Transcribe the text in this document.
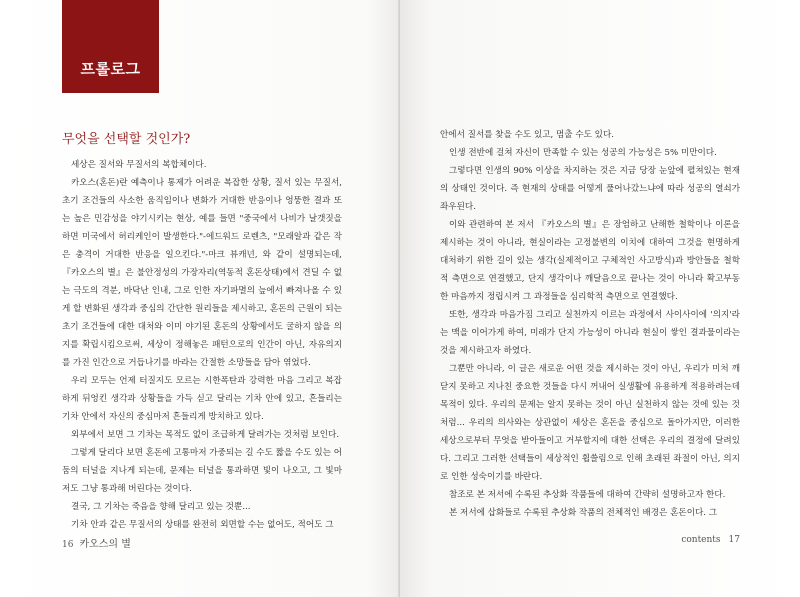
프롤로그
무엇을 선택할 것인가?

세상은 질서와 무질서의 복합체이다.

카오스(혼돈)란 예측이나 통제가 어려운 복잡한 상황, 질서 있는 무질서, 초기 조건들의 사소한 움직임이나 변화가 거대한 반응이나 엉뚱한 결과 또는 높은 민감성을 야기시키는 현상, 예를 들면 "중국에서 나비가 날갯짓을 하면 미국에서 허리케인이 발생한다."-에드워드 로렌츠, "모래알과 같은 작은 충격이 거대한 반응을 일으킨다."-마크 뷰캐넌, 와 같이 설명되는데, 『카오스의 별』은 불안정성의 가장자리(역동적 혼돈상태)에서 견딜 수 없는 극도의 격분, 바닥난 인내, 그로 인한 자기파멸의 늪에서 빠져나올 수 있게 할 변화된 생각과 중심의 간단한 원리들을 제시하고, 혼돈의 근원이 되는 초기 조건들에 대한 대처와 이미 야기된 혼돈의 상황에서도 굴하지 않을 의지를 확립시킴으로써, 세상이 정해놓은 패턴으로의 인간이 아닌, 자유의지를 가진 인간으로 거듭나기를 바라는 간절한 소망들을 담아 엮었다.

우리 모두는 언제 터질지도 모르는 시한폭탄과 강력한 마음 그리고 복잡하게 뒤엉킨 생각과 상황들을 가득 싣고 달리는 기차 안에 있고, 흔들리는 기차 안에서 자신의 중심마저 흔들리게 방치하고 있다.

외부에서 보면 그 기차는 목적도 없이 조급하게 달려가는 것처럼 보인다.

그렇게 달리다 보면 혼돈에 고통마저 가중되는 길 수도 짧을 수도 있는 어둠의 터널을 지나게 되는데, 문제는 터널을 통과하면 빛이 나오고, 그 빛마저도 그냥 통과해 버린다는 것이다.

결국, 그 기차는 죽음을 향해 달리고 있는 것뿐...

기차 안과 같은 무질서의 상태를 완전히 외면할 수는 없어도, 적어도 그

16 카오스의 별

안에서 질서를 찾을 수도 있고, 멈출 수도 있다.

인생 전반에 걸쳐 자신이 만족할 수 있는 성공의 가능성은 5% 미만이다.

그렇다면 인생의 90% 이상을 차지하는 것은 지금 당장 눈앞에 펼쳐있는 현재의 상태인 것이다. 즉 현재의 상태를 어떻게 풀어나갔느냐에 따라 성공의 열쇠가 좌우된다.

이와 관련하여 본 저서 『카오스의 별』은 장엄하고 난해한 철학이나 이론을 제시하는 것이 아니라, 현실이라는 고정불변의 이치에 대하여 그것을 현명하게 대처하기 위한 길이 있는 생각(실제적이고 구체적인 사고방식)과 방안들을 철학적 측면으로 연결했고, 단지 생각이나 깨달음으로 끝나는 것이 아니라 확고부동한 마음까지 정립시켜 그 과정들을 심리학적 측면으로 연결했다.

또한, 생각과 마음가짐 그리고 실천까지 이르는 과정에서 사이사이에 '의지'라는 맥을 이어가게 하여, 미래가 단지 가능성이 아니라 현실이 쌓인 결과물이라는 것을 제시하고자 하였다.

그뿐만 아니라, 이 글은 새로운 어떤 것을 제시하는 것이 아닌, 우리가 미처 깨닫지 못하고 지나친 중요한 것들을 다시 꺼내어 실생활에 유용하게 적용하려는데 목적이 있다. 우리의 문제는 알지 못하는 것이 아닌 실천하지 않는 것에 있는 것처럼... 우리의 의사와는 상관없이 세상은 혼돈을 중심으로 돌아가지만, 이러한 세상으로부터 무엇을 받아들이고 거부할지에 대한 선택은 우리의 결정에 달려있다. 그리고 그러한 선택들이 세상적인 휩쓸림으로 인해 초래된 좌절이 아닌, 의지로 인한 성숙이기를 바란다.

참조로 본 저서에 수록된 추상화 작품들에 대하여 간략히 설명하고자 한다.

본 저서에 삽화들로 수록된 추상화 작품의 전체적인 배경은 혼돈이다. 그

contents 17
